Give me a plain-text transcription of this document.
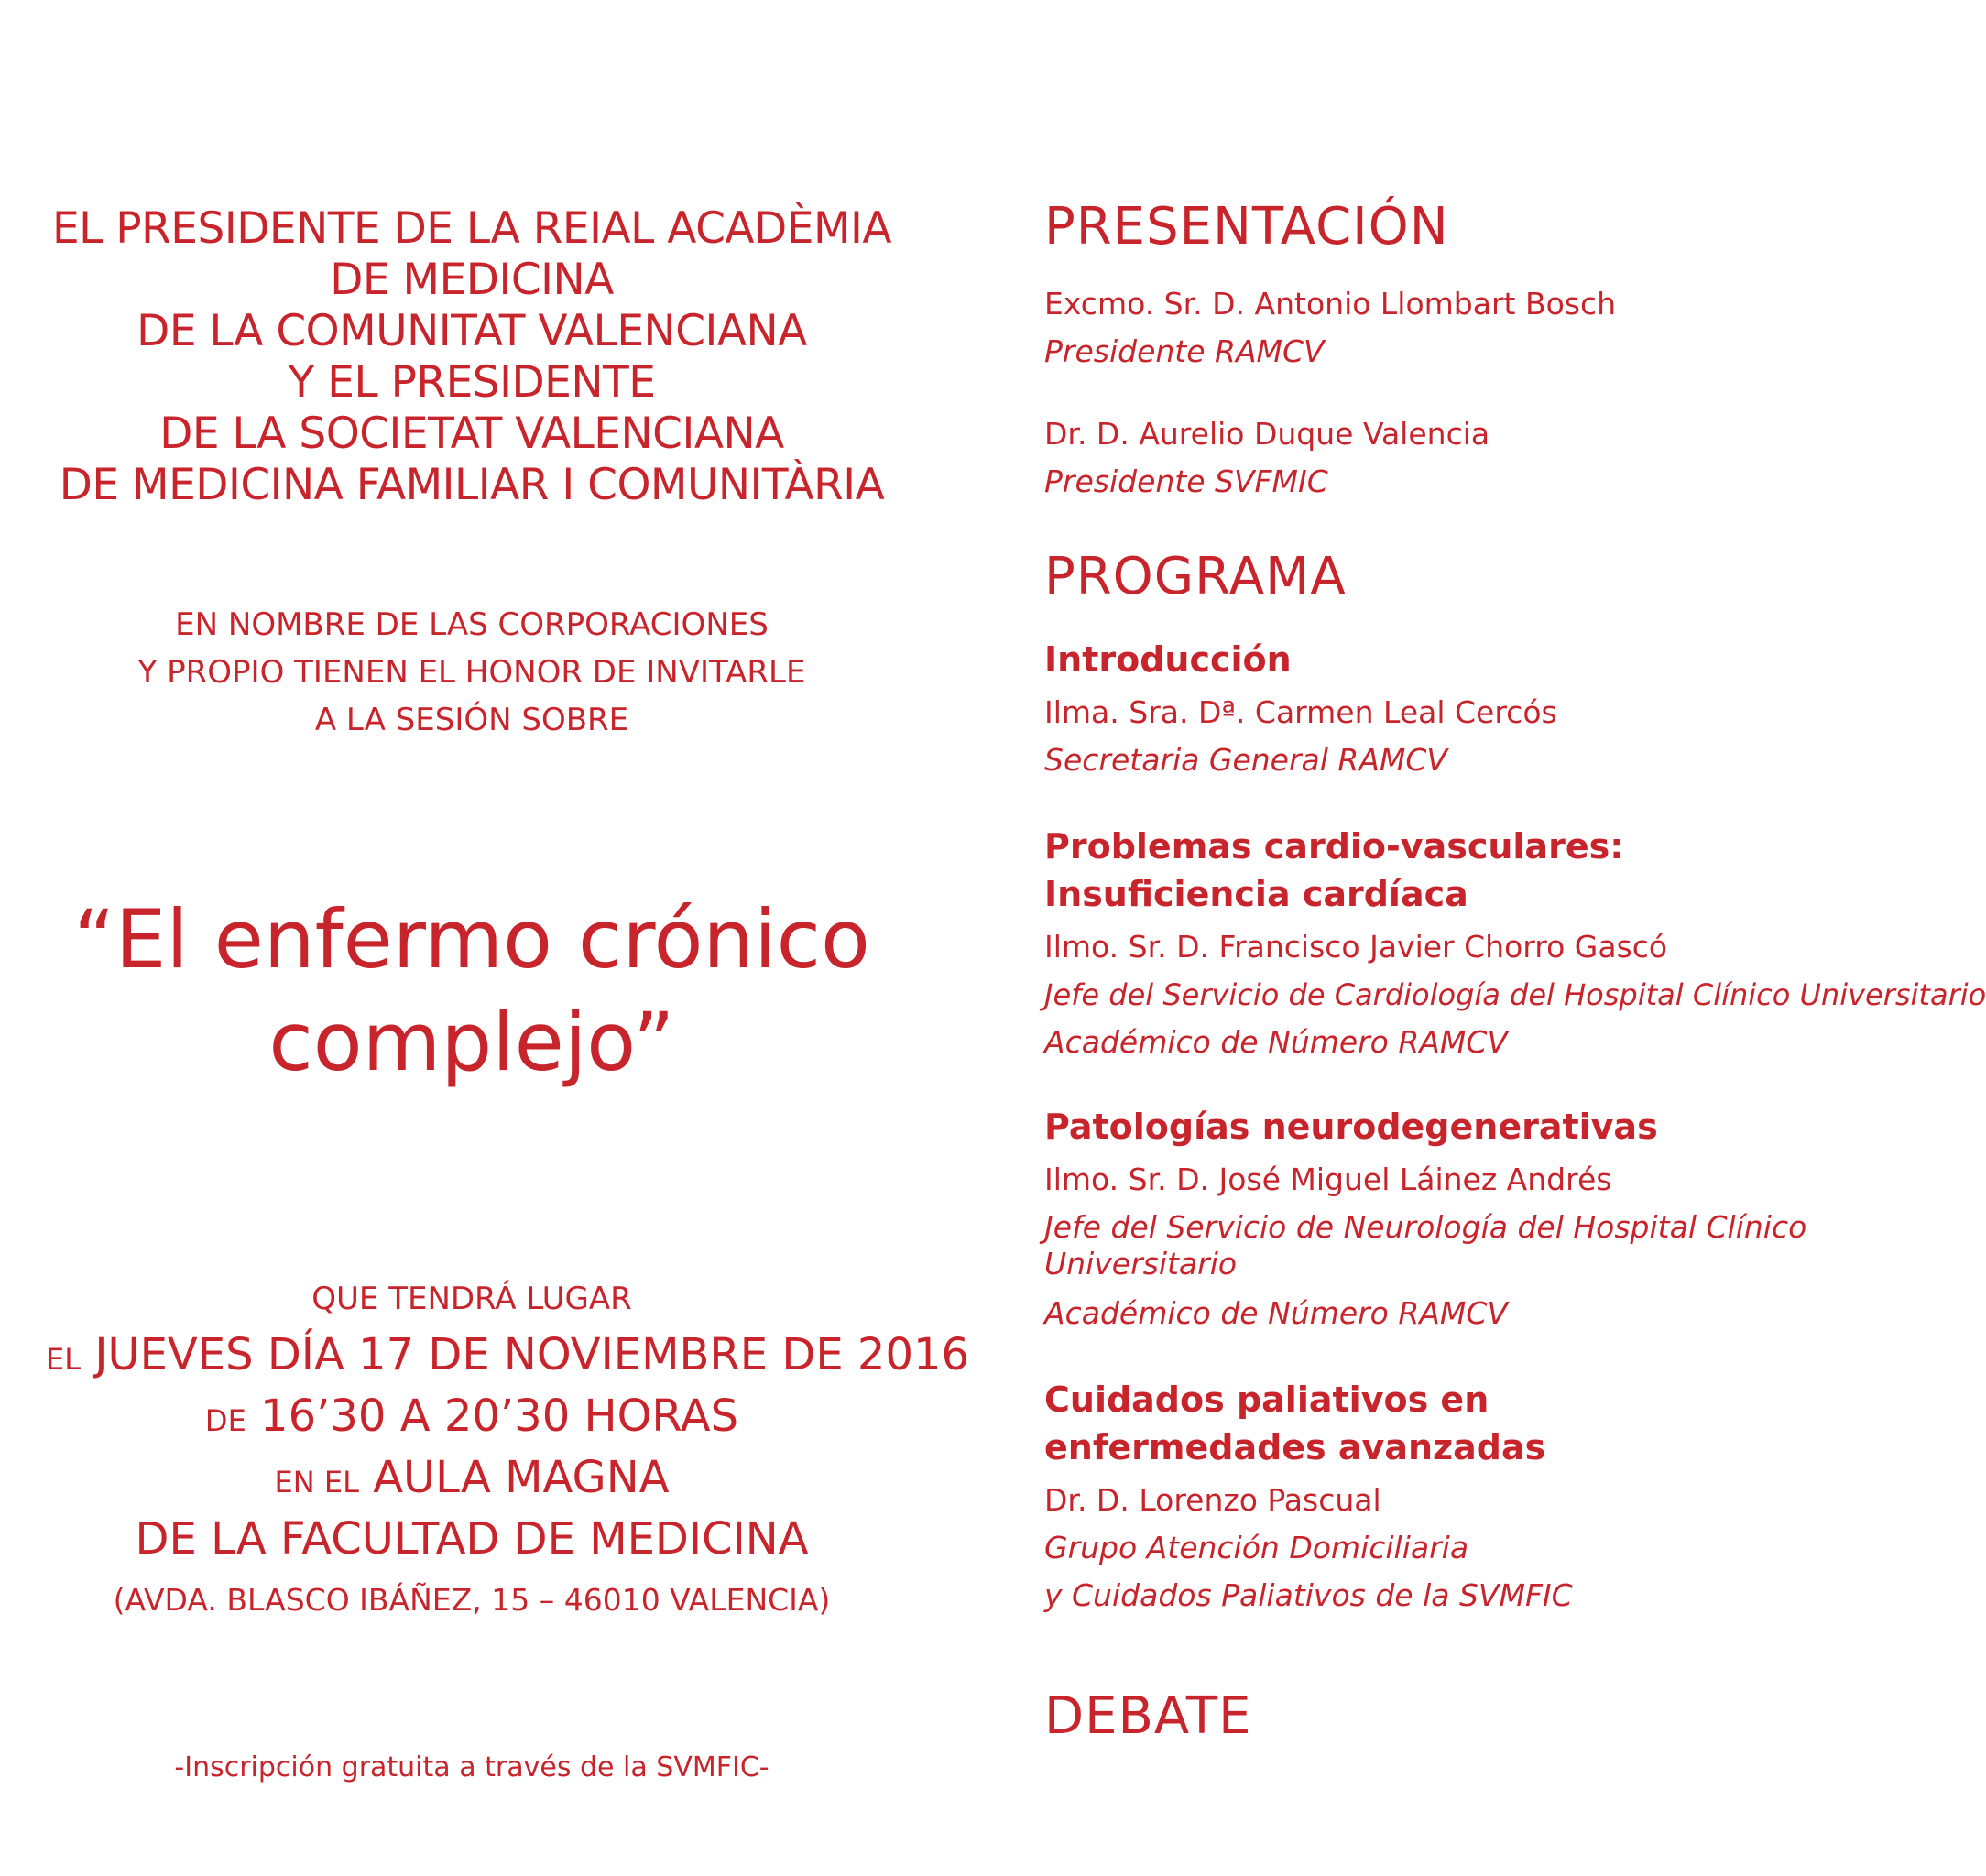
EL PRESIDENTE DE LA REIAL ACADÈMIA
DE MEDICINA
DE LA COMUNITAT VALENCIANA
Y EL PRESIDENTE
DE LA SOCIETAT VALENCIANA
DE MEDICINA FAMILIAR I COMUNITÀRIA
EN NOMBRE DE LAS CORPORACIONES
Y PROPIO TIENEN EL HONOR DE INVITARLE
A LA SESIÓN SOBRE
“El enfermo crónico
complejo”
QUE TENDRÁ LUGAR
EL JUEVES DÍA 17 DE NOVIEMBRE DE 2016
DE 16’30 A 20’30 HORAS
EN EL AULA MAGNA
DE LA FACULTAD DE MEDICINA
(AVDA. BLASCO IBÁÑEZ, 15 – 46010 VALENCIA)
-Inscripción gratuita a través de la SVMFIC-
PRESENTACIÓN
Excmo. Sr. D. Antonio Llombart Bosch
Presidente RAMCV
Dr. D. Aurelio Duque Valencia
Presidente SVFMIC
PROGRAMA
Introducción
Ilma. Sra. Dª. Carmen Leal Cercós
Secretaria General RAMCV
Problemas cardio-vasculares:
Insuficiencia cardíaca
Ilmo. Sr. D. Francisco Javier Chorro Gascó
Jefe del Servicio de Cardiología del Hospital Clínico Universitario
Académico de Número RAMCV
Patologías neurodegenerativas
Ilmo. Sr. D. José Miguel Láinez Andrés
Jefe del Servicio de Neurología del Hospital Clínico
Universitario
Académico de Número RAMCV
Cuidados paliativos en
enfermedades avanzadas
Dr. D. Lorenzo Pascual
Grupo Atención Domiciliaria
y Cuidados Paliativos de la SVMFIC
DEBATE
